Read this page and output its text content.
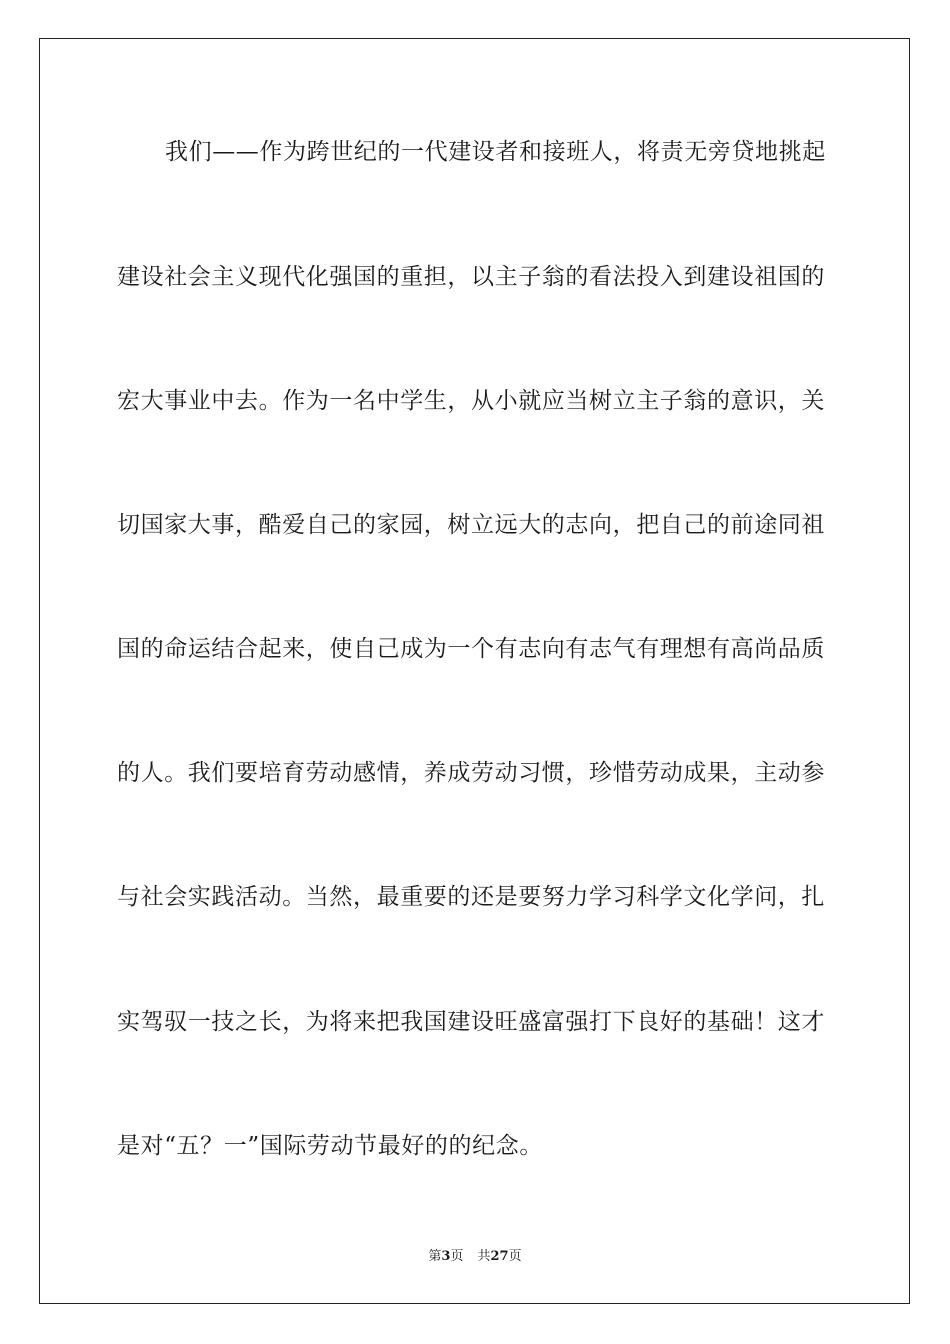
我们——作为跨世纪的一代建设者和接班人，将责无旁贷地挑起
建设社会主义现代化强国的重担，以主子翁的看法投入到建设祖国的
宏大事业中去。作为一名中学生，从小就应当树立主子翁的意识，关
切国家大事，酷爱自己的家园，树立远大的志向，把自己的前途同祖
国的命运结合起来，使自己成为一个有志向有志气有理想有高尚品质
的人。我们要培育劳动感情，养成劳动习惯，珍惜劳动成果，主动参
与社会实践活动。当然，最重要的还是要努力学习科学文化学问，扎
实驾驭一技之长，为将来把我国建设旺盛富强打下良好的基础！这才
是对“五？一”国际劳动节最好的的纪念。
第3页 共27页
